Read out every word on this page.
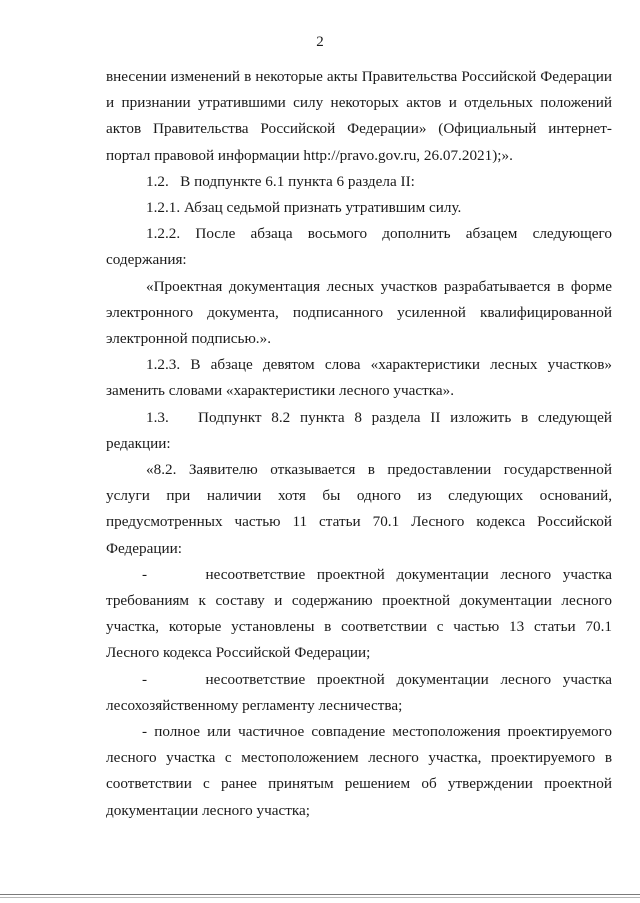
2

внесении изменений в некоторые акты Правительства Российской Федерации и признании утратившими силу некоторых актов и отдельных положений актов Правительства Российской Федерации» (Официальный интернет-портал правовой информации http://pravo.gov.ru, 26.07.2021);».

1.2.   В подпункте 6.1 пункта 6 раздела II:

1.2.1. Абзац седьмой признать утратившим силу.

1.2.2. После абзаца восьмого дополнить абзацем следующего содержания:

«Проектная документация лесных участков разрабатывается в форме электронного документа, подписанного усиленной квалифицированной электронной подписью.».

1.2.3. В абзаце девятом слова «характеристики лесных участков» заменить словами «характеристики лесного участка».

1.3.   Подпункт 8.2 пункта 8 раздела II изложить в следующей редакции:

«8.2. Заявителю отказывается в предоставлении государственной услуги при наличии хотя бы одного из следующих оснований, предусмотренных частью 11 статьи 70.1 Лесного кодекса Российской Федерации:

-     несоответствие проектной документации лесного участка требованиям к составу и содержанию проектной документации лесного участка, которые установлены в соответствии с частью 13 статьи 70.1 Лесного кодекса Российской Федерации;

-     несоответствие проектной документации лесного участка лесохозяйственному регламенту лесничества;

- полное или частичное совпадение местоположения проектируемого лесного участка с местоположением лесного участка, проектируемого в соответствии с ранее принятым решением об утверждении проектной документации лесного участка;
